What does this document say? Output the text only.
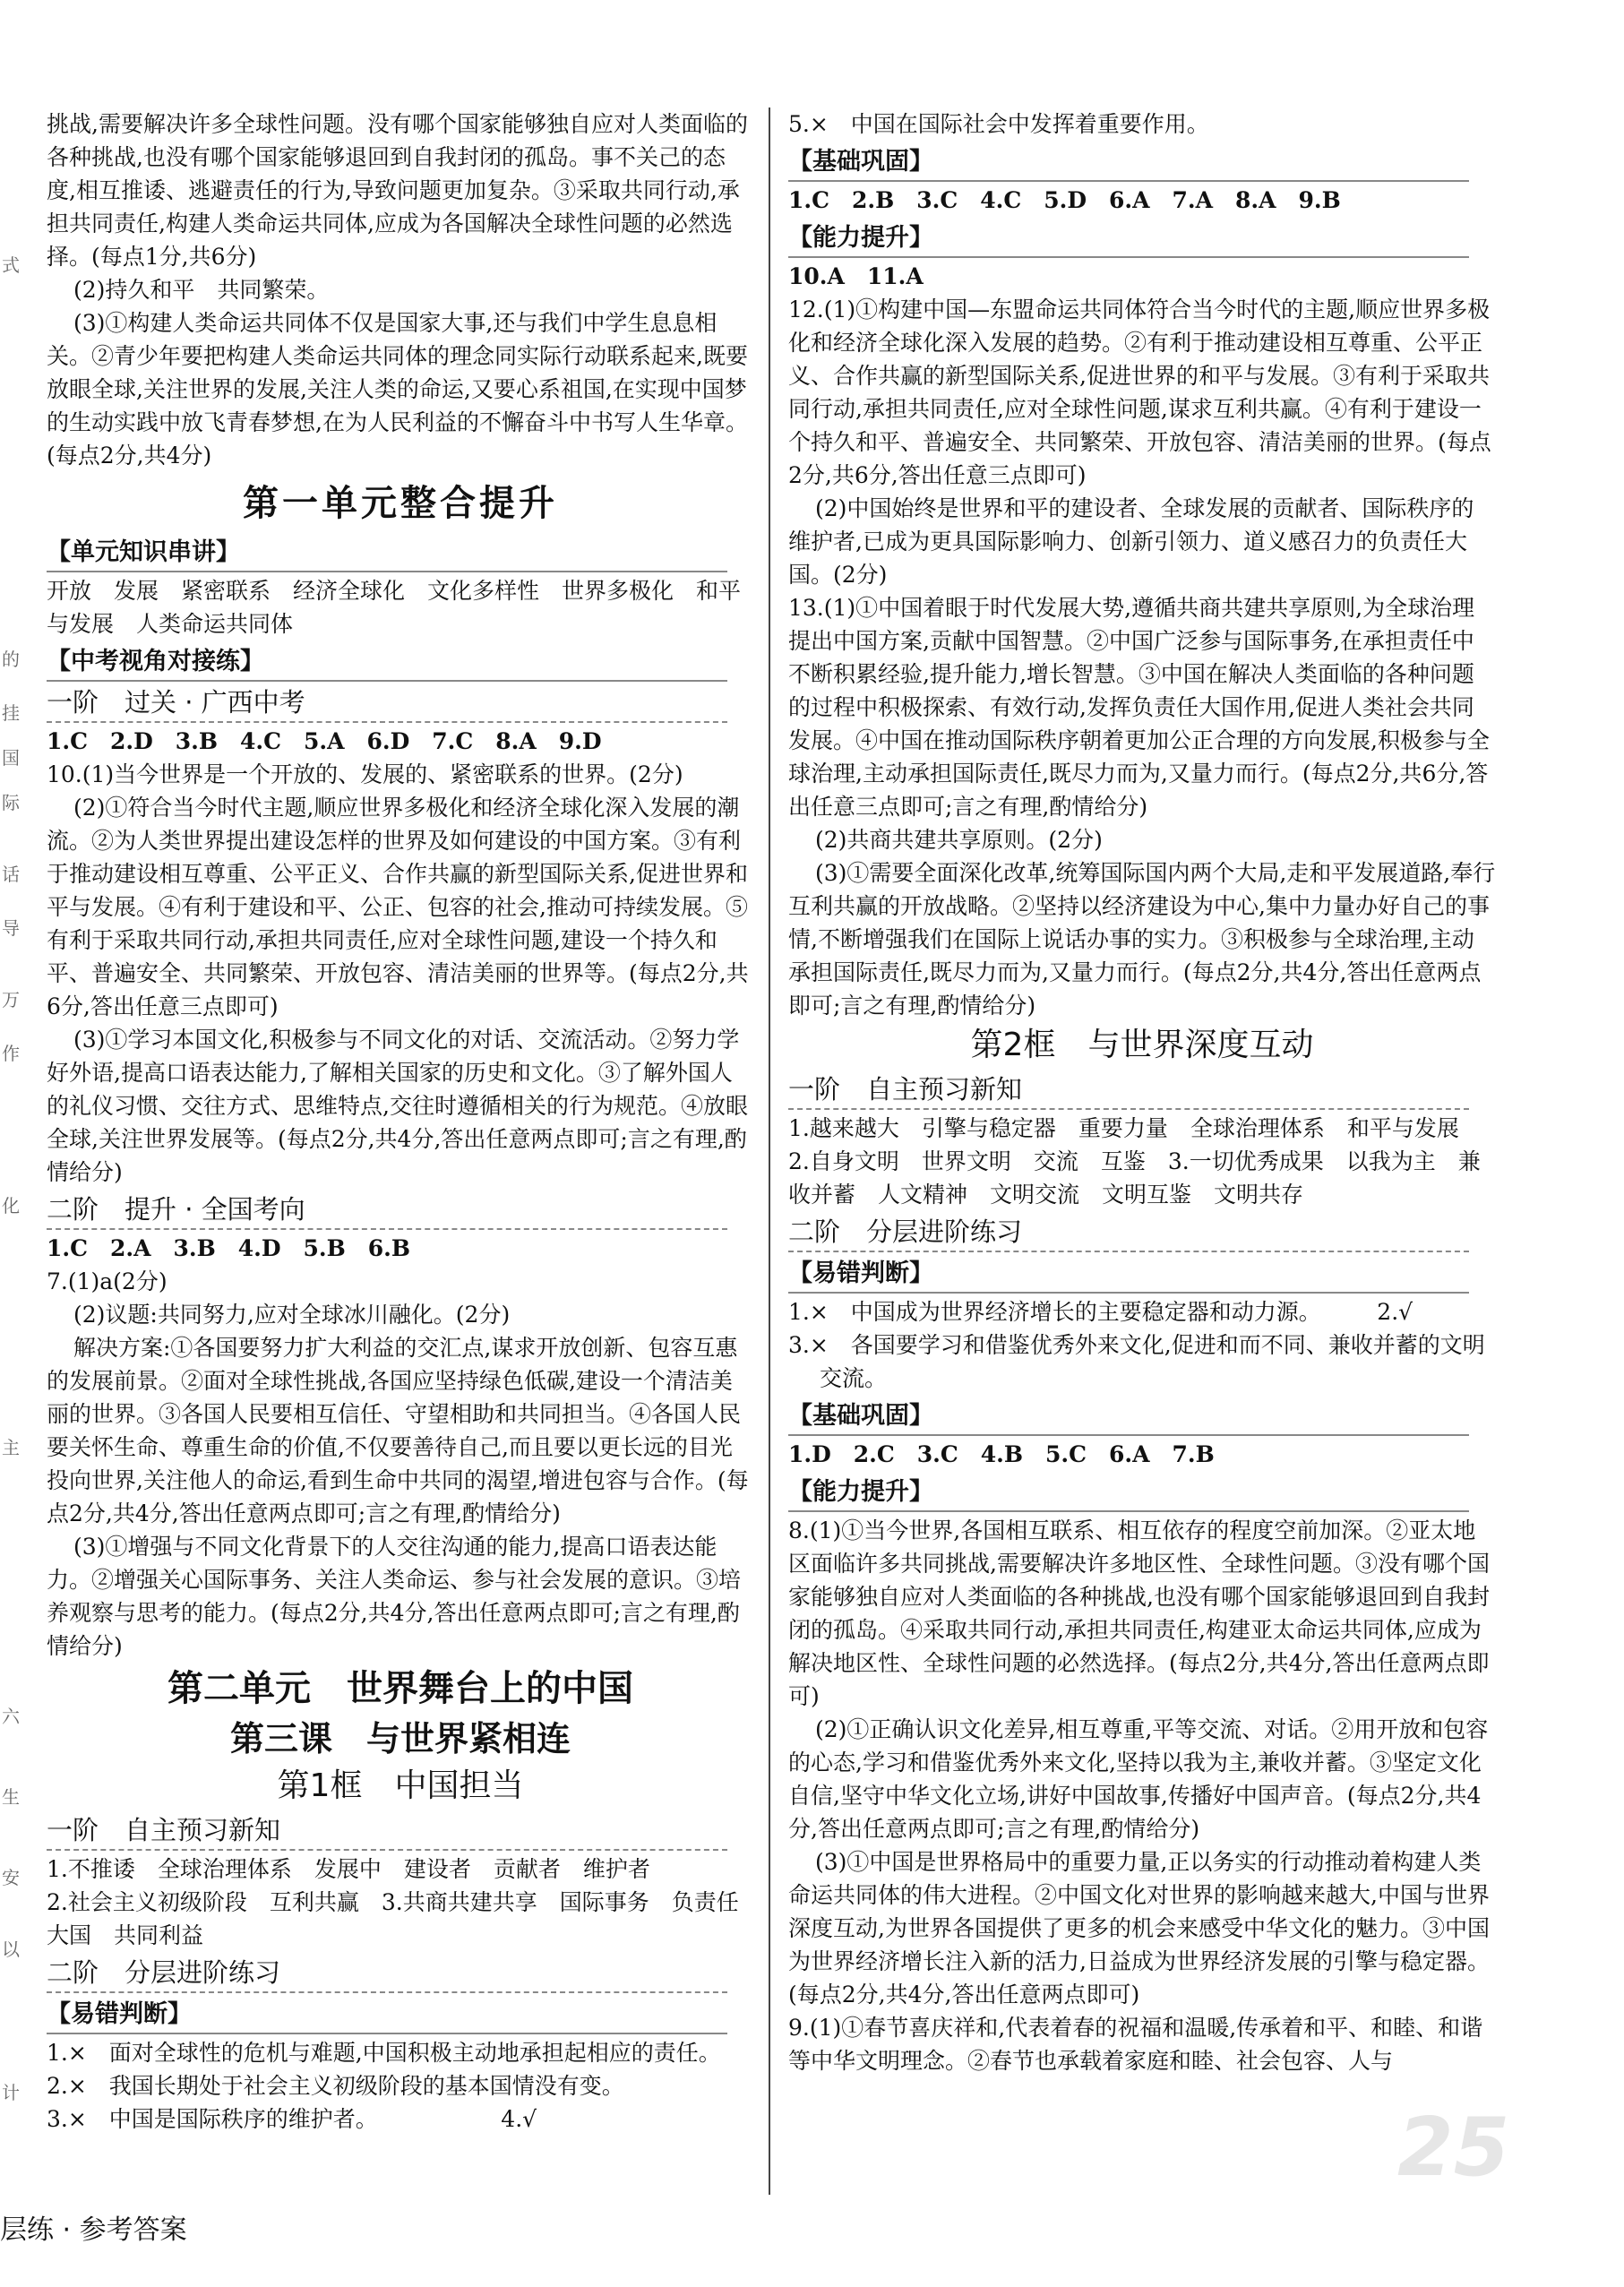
式
的
挂
国
际
话
导
万
作
化
主
六
生
安
以
计

挑战,需要解决许多全球性问题。没有哪个国家能够独自应对人类面临的各种挑战,也没有哪个国家能够退回到自我封闭的孤岛。事不关己的态度,相互推诿、逃避责任的行为,导致问题更加复杂。③采取共同行动,承担共同责任,构建人类命运共同体,应成为各国解决全球性问题的必然选择。(每点1分,共6分)

(2)持久和平　共同繁荣。

(3)①构建人类命运共同体不仅是国家大事,还与我们中学生息息相关。②青少年要把构建人类命运共同体的理念同实际行动联系起来,既要放眼全球,关注世界的发展,关注人类的命运,又要心系祖国,在实现中国梦的生动实践中放飞青春梦想,在为人民利益的不懈奋斗中书写人生华章。(每点2分,共4分)

第一单元整合提升
【单元知识串讲】

开放　发展　紧密联系　经济全球化　文化多样性　世界多极化　和平与发展　人类命运共同体

【中考视角对接练】
一阶　过关 · 广西中考

1.C　2.D　3.B　4.C　5.A　6.D　7.C　8.A　9.D

10.(1)当今世界是一个开放的、发展的、紧密联系的世界。(2分)

(2)①符合当今时代主题,顺应世界多极化和经济全球化深入发展的潮流。②为人类世界提出建设怎样的世界及如何建设的中国方案。③有利于推动建设相互尊重、公平正义、合作共赢的新型国际关系,促进世界和平与发展。④有利于建设和平、公正、包容的社会,推动可持续发展。⑤有利于采取共同行动,承担共同责任,应对全球性问题,建设一个持久和平、普遍安全、共同繁荣、开放包容、清洁美丽的世界等。(每点2分,共6分,答出任意三点即可)

(3)①学习本国文化,积极参与不同文化的对话、交流活动。②努力学好外语,提高口语表达能力,了解相关国家的历史和文化。③了解外国人的礼仪习惯、交往方式、思维特点,交往时遵循相关的行为规范。④放眼全球,关注世界发展等。(每点2分,共4分,答出任意两点即可;言之有理,酌情给分)

二阶　提升 · 全国考向

1.C　2.A　3.B　4.D　5.B　6.B

7.(1)a(2分)

(2)议题:共同努力,应对全球冰川融化。(2分)

解决方案:①各国要努力扩大利益的交汇点,谋求开放创新、包容互惠的发展前景。②面对全球性挑战,各国应坚持绿色低碳,建设一个清洁美丽的世界。③各国人民要相互信任、守望相助和共同担当。④各国人民要关怀生命、尊重生命的价值,不仅要善待自己,而且要以更长远的目光投向世界,关注他人的命运,看到生命中共同的渴望,增进包容与合作。(每点2分,共4分,答出任意两点即可;言之有理,酌情给分)

(3)①增强与不同文化背景下的人交往沟通的能力,提高口语表达能力。②增强关心国际事务、关注人类命运、参与社会发展的意识。③培养观察与思考的能力。(每点2分,共4分,答出任意两点即可;言之有理,酌情给分)

第二单元　世界舞台上的中国
第三课　与世界紧相连
第1框　中国担当
一阶　自主预习新知

1.不推诿　全球治理体系　发展中　建设者　贡献者　维护者

2.社会主义初级阶段　互利共赢　3.共商共建共享　国际事务　负责任大国　共同利益

二阶　分层进阶练习
【易错判断】

1.×　面对全球性的危机与难题,中国积极主动地承担起相应的责任。

2.×　我国长期处于社会主义初级阶段的基本国情没有变。

3.×　中国是国际秩序的维护者。　　　　　　4.√

5.×　中国在国际社会中发挥着重要作用。

【基础巩固】

1.C　2.B　3.C　4.C　5.D　6.A　7.A　8.A　9.B

【能力提升】

10.A　11.A

12.(1)①构建中国—东盟命运共同体符合当今时代的主题,顺应世界多极化和经济全球化深入发展的趋势。②有利于推动建设相互尊重、公平正义、合作共赢的新型国际关系,促进世界的和平与发展。③有利于采取共同行动,承担共同责任,应对全球性问题,谋求互利共赢。④有利于建设一个持久和平、普遍安全、共同繁荣、开放包容、清洁美丽的世界。(每点2分,共6分,答出任意三点即可)

(2)中国始终是世界和平的建设者、全球发展的贡献者、国际秩序的维护者,已成为更具国际影响力、创新引领力、道义感召力的负责任大国。(2分)

13.(1)①中国着眼于时代发展大势,遵循共商共建共享原则,为全球治理提出中国方案,贡献中国智慧。②中国广泛参与国际事务,在承担责任中不断积累经验,提升能力,增长智慧。③中国在解决人类面临的各种问题的过程中积极探索、有效行动,发挥负责任大国作用,促进人类社会共同发展。④中国在推动国际秩序朝着更加公正合理的方向发展,积极参与全球治理,主动承担国际责任,既尽力而为,又量力而行。(每点2分,共6分,答出任意三点即可;言之有理,酌情给分)

(2)共商共建共享原则。(2分)

(3)①需要全面深化改革,统筹国际国内两个大局,走和平发展道路,奉行互利共赢的开放战略。②坚持以经济建设为中心,集中力量办好自己的事情,不断增强我们在国际上说话办事的实力。③积极参与全球治理,主动承担国际责任,既尽力而为,又量力而行。(每点2分,共4分,答出任意两点即可;言之有理,酌情给分)

第2框　与世界深度互动
一阶　自主预习新知

1.越来越大　引擎与稳定器　重要力量　全球治理体系　和平与发展　2.自身文明　世界文明　交流　互鉴　3.一切优秀成果　以我为主　兼收并蓄　人文精神　文明交流　文明互鉴　文明共存

二阶　分层进阶练习
【易错判断】

1.×　中国成为世界经济增长的主要稳定器和动力源。　　　2.√

3.×　各国要学习和借鉴优秀外来文化,促进和而不同、兼收并蓄的文明交流。

【基础巩固】

1.D　2.C　3.C　4.B　5.C　6.A　7.B

【能力提升】

8.(1)①当今世界,各国相互联系、相互依存的程度空前加深。②亚太地区面临许多共同挑战,需要解决许多地区性、全球性问题。③没有哪个国家能够独自应对人类面临的各种挑战,也没有哪个国家能够退回到自我封闭的孤岛。④采取共同行动,承担共同责任,构建亚太命运共同体,应成为解决地区性、全球性问题的必然选择。(每点2分,共4分,答出任意两点即可)

(2)①正确认识文化差异,相互尊重,平等交流、对话。②用开放和包容的心态,学习和借鉴优秀外来文化,坚持以我为主,兼收并蓄。③坚定文化自信,坚守中华文化立场,讲好中国故事,传播好中国声音。(每点2分,共4分,答出任意两点即可;言之有理,酌情给分)

(3)①中国是世界格局中的重要力量,正以务实的行动推动着构建人类命运共同体的伟大进程。②中国文化对世界的影响越来越大,中国与世界深度互动,为世界各国提供了更多的机会来感受中华文化的魅力。③中国为世界经济增长注入新的活力,日益成为世界经济发展的引擎与稳定器。(每点2分,共4分,答出任意两点即可)

9.(1)①春节喜庆祥和,代表着春的祝福和温暖,传承着和平、和睦、和谐等中华文明理念。②春节也承载着家庭和睦、社会包容、人与

25
层练 · 参考答案
